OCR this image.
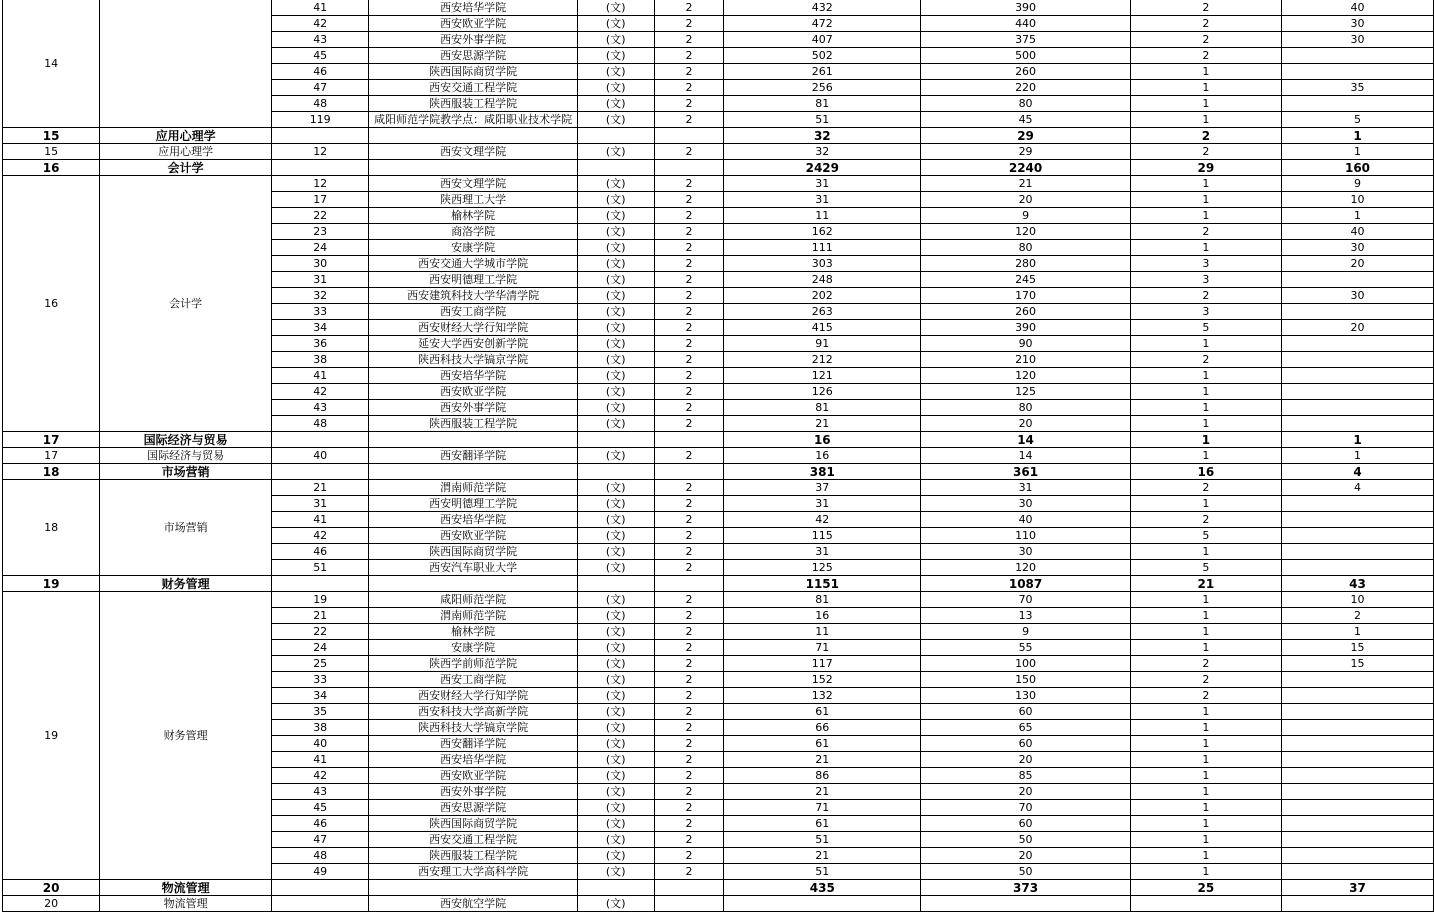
14		41	西安培华学院	(文)	2	432	390	2	40
		42	西安欧亚学院	(文)	2	472	440	2	30
		43	西安外事学院	(文)	2	407	375	2	30
		45	西安思源学院	(文)	2	502	500	2	
		46	陕西国际商贸学院	(文)	2	261	260	1	
		47	西安交通工程学院	(文)	2	256	220	1	35
		48	陕西服装工程学院	(文)	2	81	80	1	
		119	咸阳师范学院教学点：咸阳职业技术学院	(文)	2	51	45	1	5
15	应用心理学					32	29	2	1
15	应用心理学	12	西安文理学院	(文)	2	32	29	2	1
16	会计学					2429	2240	29	160
16	会计学	12	西安文理学院	(文)	2	31	21	1	9
		17	陕西理工大学	(文)	2	31	20	1	10
		22	榆林学院	(文)	2	11	9	1	1
		23	商洛学院	(文)	2	162	120	2	40
		24	安康学院	(文)	2	111	80	1	30
		30	西安交通大学城市学院	(文)	2	303	280	3	20
		31	西安明德理工学院	(文)	2	248	245	3	
		32	西安建筑科技大学华清学院	(文)	2	202	170	2	30
		33	西安工商学院	(文)	2	263	260	3	
		34	西安财经大学行知学院	(文)	2	415	390	5	20
		36	延安大学西安创新学院	(文)	2	91	90	1	
		38	陕西科技大学镐京学院	(文)	2	212	210	2	
		41	西安培华学院	(文)	2	121	120	1	
		42	西安欧亚学院	(文)	2	126	125	1	
		43	西安外事学院	(文)	2	81	80	1	
		48	陕西服装工程学院	(文)	2	21	20	1	
17	国际经济与贸易					16	14	1	1
17	国际经济与贸易	40	西安翻译学院	(文)	2	16	14	1	1
18	市场营销					381	361	16	4
18	市场营销	21	渭南师范学院	(文)	2	37	31	2	4
		31	西安明德理工学院	(文)	2	31	30	1	
		41	西安培华学院	(文)	2	42	40	2	
		42	西安欧亚学院	(文)	2	115	110	5	
		46	陕西国际商贸学院	(文)	2	31	30	1	
		51	西安汽车职业大学	(文)	2	125	120	5	
19	财务管理					1151	1087	21	43
19	财务管理	19	咸阳师范学院	(文)	2	81	70	1	10
		21	渭南师范学院	(文)	2	16	13	1	2
		22	榆林学院	(文)	2	11	9	1	1
		24	安康学院	(文)	2	71	55	1	15
		25	陕西学前师范学院	(文)	2	117	100	2	15
		33	西安工商学院	(文)	2	152	150	2	
		34	西安财经大学行知学院	(文)	2	132	130	2	
		35	西安科技大学高新学院	(文)	2	61	60	1	
		38	陕西科技大学镐京学院	(文)	2	66	65	1	
		40	西安翻译学院	(文)	2	61	60	1	
		41	西安培华学院	(文)	2	21	20	1	
		42	西安欧亚学院	(文)	2	86	85	1	
		43	西安外事学院	(文)	2	21	20	1	
		45	西安思源学院	(文)	2	71	70	1	
		46	陕西国际商贸学院	(文)	2	61	60	1	
		47	西安交通工程学院	(文)	2	51	50	1	
		48	陕西服装工程学院	(文)	2	21	20	1	
		49	西安理工大学高科学院	(文)	2	51	50	1	
20	物流管理					435	373	25	37
20	物流管理		西安航空学院	(文)					
